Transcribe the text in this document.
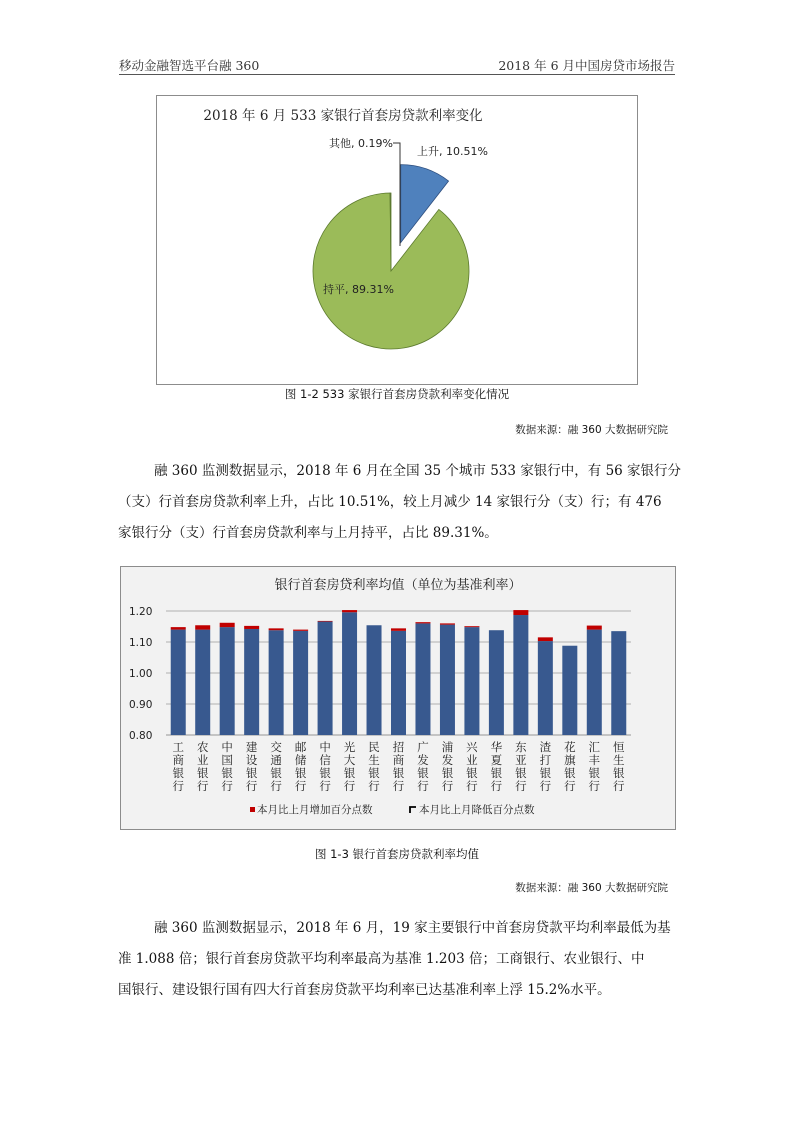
移动金融智选平台融 360	2018 年 6 月中国房贷市场报告
2018 年 6 月 533 家银行首套房贷款利率变化
其他, 0.19%
上升, 10.51%
持平, 89.31%
图 1-2 533 家银行首套房贷款利率变化情况
数据来源：融 360 大数据研究院

融 360 监测数据显示，2018 年 6 月在全国 35 个城市 533 家银行中，有 56 家银行分
（支）行首套房贷款利率上升，占比 10.51%，较上月减少 14 家银行分（支）行；有 476
家银行分（支）行首套房贷款利率与上月持平，占比 89.31%。

银行首套房贷利率均值（单位为基准利率）
0.80
0.90
1.00
1.10
1.20
工商银行
农业银行
中国银行
建设银行
交通银行
邮储银行
中信银行
光大银行
民生银行
招商银行
广发银行
浦发银行
兴业银行
华夏银行
东亚银行
渣打银行
花旗银行
汇丰银行
恒生银行
本月比上月增加百分点数	本月比上月降低百分点数
图 1-3 银行首套房贷款利率均值
数据来源：融 360 大数据研究院

融 360 监测数据显示，2018 年 6 月，19 家主要银行中首套房贷款平均利率最低为基
准 1.088 倍；银行首套房贷款平均利率最高为基准 1.203 倍；工商银行、农业银行、中
国银行、建设银行国有四大行首套房贷款平均利率已达基准利率上浮 15.2%水平。
